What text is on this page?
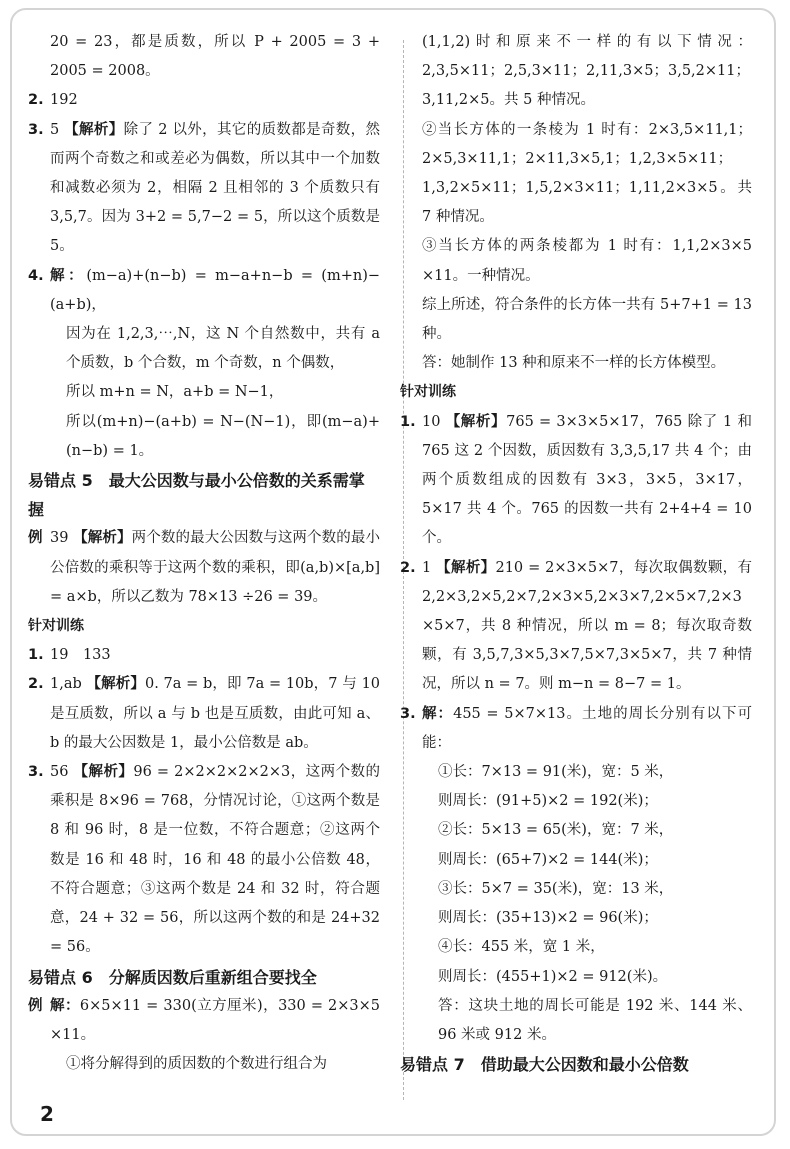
20 = 23，都是质数，所以 P + 2005 = 3 + 2005 = 2008。

2. 192
3. 5 【解析】除了 2 以外，其它的质数都是奇数，然而两个奇数之和或差必为偶数，所以其中一个加数和减数必须为 2，相隔 2 且相邻的 3 个质数只有 3,5,7。因为 3+2 = 5,7−2 = 5，所以这个质数是 5。
4. 解：(m−a)+(n−b) = m−a+n−b = (m+n)−(a+b)，
因为在 1,2,3,⋯,N，这 N 个自然数中，共有 a 个质数，b 个合数，m 个奇数，n 个偶数，
所以 m+n = N，a+b = N−1，
所以(m+n)−(a+b) = N−(N−1)，即(m−a)+(n−b) = 1。

易错点 5　最大公因数与最小公倍数的关系需掌握

例 39 【解析】两个数的最大公因数与这两个数的最小公倍数的乘积等于这两个数的乘积，即(a,b)×[a,b] = a×b，所以乙数为 78×13 ÷26 = 39。

针对训练

1. 19　133
2. 1,ab 【解析】0. 7a = b，即 7a = 10b，7 与 10 是互质数，所以 a 与 b 也是互质数，由此可知 a、b 的最大公因数是 1，最小公倍数是 ab。
3. 56 【解析】96 = 2×2×2×2×2×3，这两个数的乘积是 8×96 = 768，分情况讨论，①这两个数是 8 和 96 时，8 是一位数，不符合题意；②这两个数是 16 和 48 时，16 和 48 的最小公倍数 48，不符合题意；③这两个数是 24 和 32 时，符合题意，24 + 32 = 56，所以这两个数的和是 24+32 = 56。

易错点 6　分解质因数后重新组合要找全

例 解：6×5×11 = 330(立方厘米)，330 = 2×3×5 ×11。
①将分解得到的质因数的个数进行组合为

(1,1,2)时和原来不一样的有以下情况：2,3,5×11；2,5,3×11；2,11,3×5；3,5,2×11；3,11,2×5。共 5 种情况。

②当长方体的一条棱为 1 时有：2×3,5×11,1；2×5,3×11,1；2×11,3×5,1；1,2,3×5×11；1,3,2×5×11；1,5,2×3×11；1,11,2×3×5。共 7 种情况。

③当长方体的两条棱都为 1 时有：1,1,2×3×5 ×11。一种情况。

综上所述，符合条件的长方体一共有 5+7+1 = 13 种。

答：她制作 13 种和原来不一样的长方体模型。

针对训练

1. 10 【解析】765 = 3×3×5×17，765 除了 1 和 765 这 2 个因数，质因数有 3,3,5,17 共 4 个；由两个质数组成的因数有 3×3，3×5，3×17，5×17 共 4 个。765 的因数一共有 2+4+4 = 10 个。
2. 1 【解析】210 = 2×3×5×7，每次取偶数颗，有 2,2×3,2×5,2×7,2×3×5,2×3×7,2×5×7,2×3 ×5×7，共 8 种情况，所以 m = 8；每次取奇数颗，有 3,5,7,3×5,3×7,5×7,3×5×7，共 7 种情况，所以 n = 7。则 m−n = 8−7 = 1。
3. 解：455 = 5×7×13。土地的周长分别有以下可能：
①长：7×13 = 91(米)，宽：5 米，
则周长：(91+5)×2 = 192(米)；
②长：5×13 = 65(米)，宽：7 米，
则周长：(65+7)×2 = 144(米)；
③长：5×7 = 35(米)，宽：13 米，
则周长：(35+13)×2 = 96(米)；
④长：455 米，宽 1 米，
则周长：(455+1)×2 = 912(米)。
答：这块土地的周长可能是 192 米、144 米、96 米或 912 米。

易错点 7　借助最大公因数和最小公倍数

2
